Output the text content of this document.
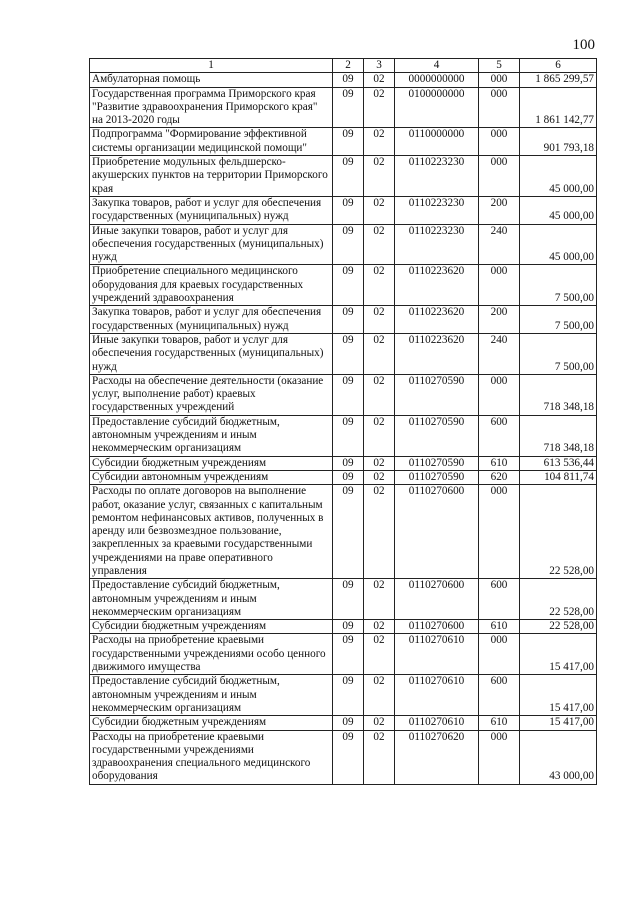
100
1	2	3	4	5	6
Амбулаторная помощь	09	02	0000000000	000	1 865 299,57
Государственная программа Приморского края "Развитие здравоохранения Приморского края" на 2013-2020 годы	09	02	0100000000	000	1 861 142,77
Подпрограмма "Формирование эффективной системы организации медицинской помощи"	09	02	0110000000	000	901 793,18
Приобретение модульных фельдшерско-акушерских пунктов на территории Приморского края	09	02	0110223230	000	45 000,00
Закупка товаров, работ и услуг для обеспечения государственных (муниципальных) нужд	09	02	0110223230	200	45 000,00
Иные закупки товаров, работ и услуг для обеспечения государственных (муниципальных) нужд	09	02	0110223230	240	45 000,00
Приобретение специального медицинского оборудования для краевых государственных учреждений здравоохранения	09	02	0110223620	000	7 500,00
Закупка товаров, работ и услуг для обеспечения государственных (муниципальных) нужд	09	02	0110223620	200	7 500,00
Иные закупки товаров, работ и услуг для обеспечения государственных (муниципальных) нужд	09	02	0110223620	240	7 500,00
Расходы на обеспечение деятельности (оказание услуг, выполнение работ) краевых государственных учреждений	09	02	0110270590	000	718 348,18
Предоставление субсидий бюджетным, автономным учреждениям и иным некоммерческим организациям	09	02	0110270590	600	718 348,18
Субсидии бюджетным учреждениям	09	02	0110270590	610	613 536,44
Субсидии автономным учреждениям	09	02	0110270590	620	104 811,74
Расходы по оплате договоров на выполнение работ, оказание услуг, связанных с капитальным ремонтом нефинансовых активов, полученных в аренду или безвозмездное пользование, закрепленных за краевыми государственными учреждениями на праве оперативного управления	09	02	0110270600	000	22 528,00
Предоставление субсидий бюджетным, автономным учреждениям и иным некоммерческим организациям	09	02	0110270600	600	22 528,00
Субсидии бюджетным учреждениям	09	02	0110270600	610	22 528,00
Расходы на приобретение краевыми государственными учреждениями особо ценного движимого имущества	09	02	0110270610	000	15 417,00
Предоставление субсидий бюджетным, автономным учреждениям и иным некоммерческим организациям	09	02	0110270610	600	15 417,00
Субсидии бюджетным учреждениям	09	02	0110270610	610	15 417,00
Расходы на приобретение краевыми государственными учреждениями здравоохранения специального медицинского оборудования	09	02	0110270620	000	43 000,00
